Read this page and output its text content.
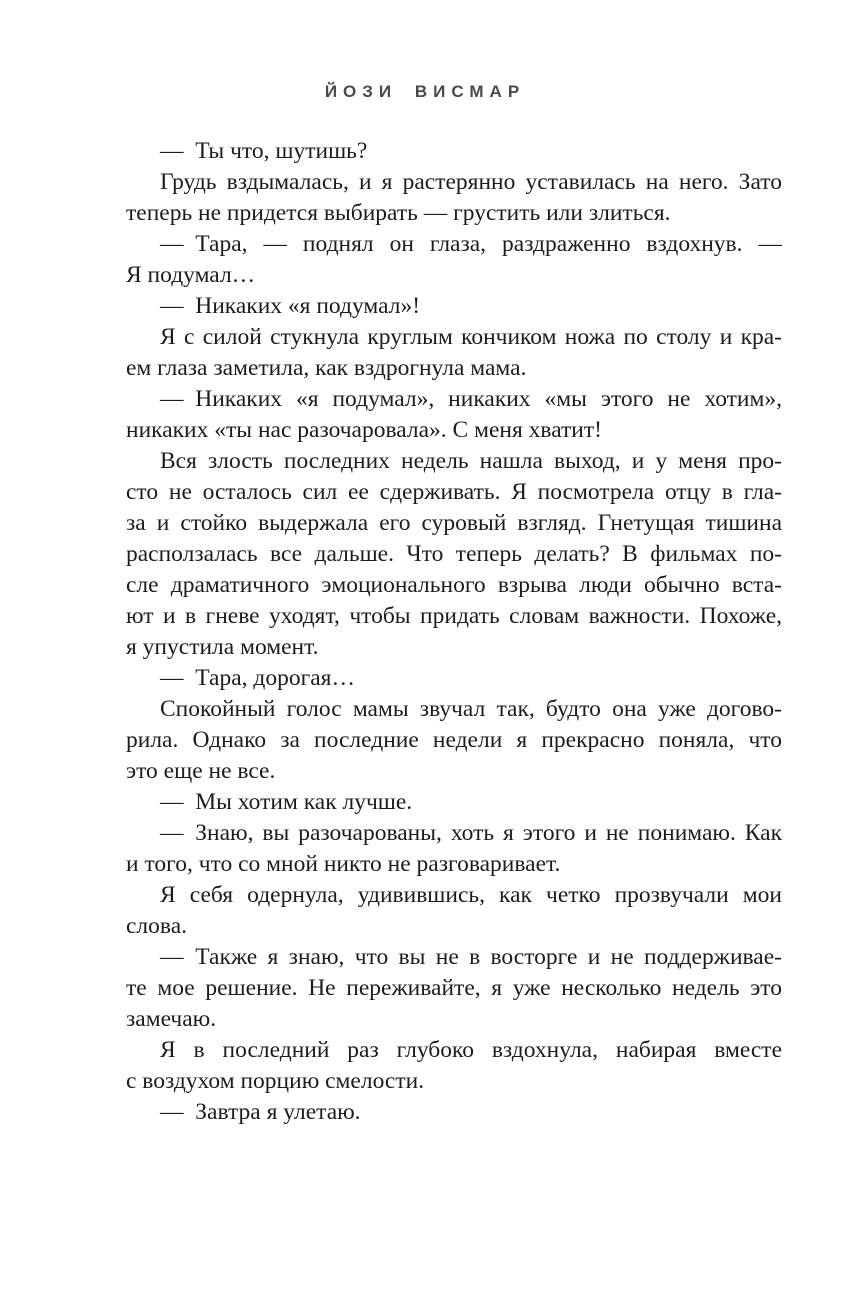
ЙОЗИ ВИСМАР

— Ты что, шутишь?

Грудь вздымалась, и я растерянно уставилась на него. Зато
теперь не придется выбирать — грустить или злиться.

— Тара, — поднял он глаза, раздраженно вздохнув. —
Я подумал…

— Никаких «я подумал»!

Я с силой стукнула круглым кончиком ножа по столу и кра-
ем глаза заметила, как вздрогнула мама.

— Никаких «я подумал», никаких «мы этого не хотим»,
никаких «ты нас разочаровала». С меня хватит!

Вся злость последних недель нашла выход, и у меня про-
сто не осталось сил ее сдерживать. Я посмотрела отцу в гла-
за и стойко выдержала его суровый взгляд. Гнетущая тишина
расползалась все дальше. Что теперь делать? В фильмах по-
сле драматичного эмоционального взрыва люди обычно вста-
ют и в гневе уходят, чтобы придать словам важности. Похоже,
я упустила момент.

— Тара, дорогая…

Спокойный голос мамы звучал так, будто она уже догово-
рила. Однако за последние недели я прекрасно поняла, что
это еще не все.

— Мы хотим как лучше.

— Знаю, вы разочарованы, хоть я этого и не понимаю. Как
и того, что со мной никто не разговаривает.

Я себя одернула, удивившись, как четко прозвучали мои
слова.

— Также я знаю, что вы не в восторге и не поддерживае-
те мое решение. Не переживайте, я уже несколько недель это
замечаю.

Я в последний раз глубоко вздохнула, набирая вместе
с воздухом порцию смелости.

— Завтра я улетаю.
